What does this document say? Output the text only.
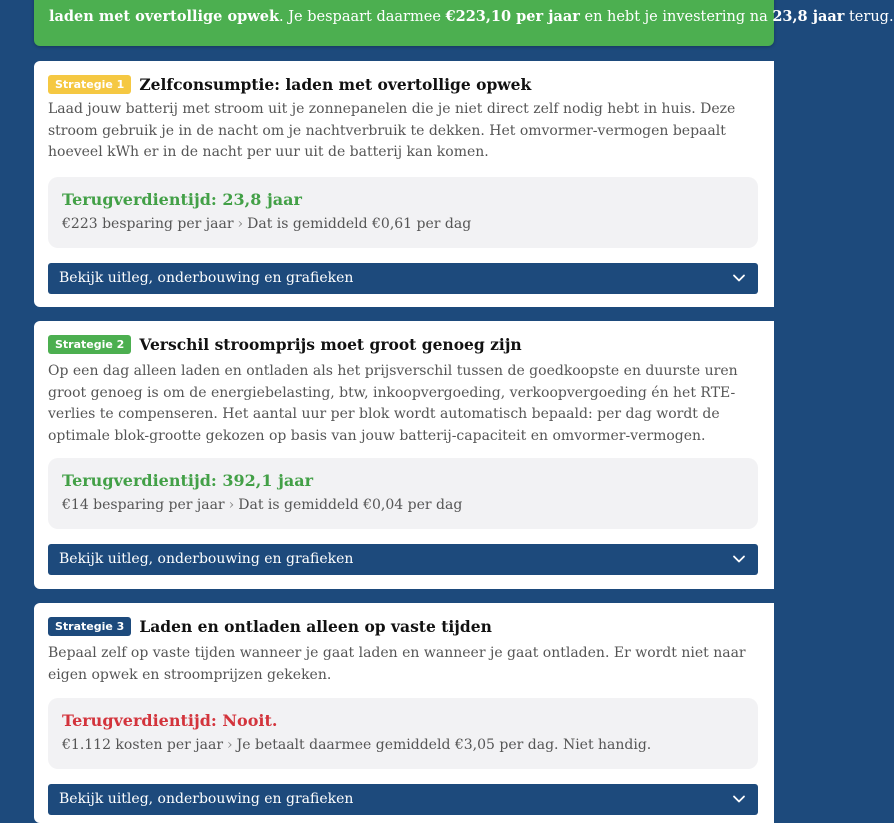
laden met overtollige opwek. Je bespaart daarmee €223,10 per jaar en hebt je investering na 23,8 jaar terug.
Strategie 1 Zelfconsumptie: laden met overtollige opwek
Laad jouw batterij met stroom uit je zonnepanelen die je niet direct zelf nodig hebt in huis. Deze stroom gebruik je in de nacht om je nachtverbruik te dekken. Het omvormer-vermogen bepaalt hoeveel kWh er in de nacht per uur uit de batterij kan komen.
Terugverdientijd: 23,8 jaar
€223 besparing per jaar › Dat is gemiddeld €0,61 per dag
Bekijk uitleg, onderbouwing en grafieken
Strategie 2 Verschil stroomprijs moet groot genoeg zijn
Op een dag alleen laden en ontladen als het prijsverschil tussen de goedkoopste en duurste uren groot genoeg is om de energiebelasting, btw, inkoopvergoeding, verkoopvergoeding én het RTE-verlies te compenseren. Het aantal uur per blok wordt automatisch bepaald: per dag wordt de optimale blok-grootte gekozen op basis van jouw batterij-capaciteit en omvormer-vermogen.
Terugverdientijd: 392,1 jaar
€14 besparing per jaar › Dat is gemiddeld €0,04 per dag
Bekijk uitleg, onderbouwing en grafieken
Strategie 3 Laden en ontladen alleen op vaste tijden
Bepaal zelf op vaste tijden wanneer je gaat laden en wanneer je gaat ontladen. Er wordt niet naar eigen opwek en stroomprijzen gekeken.
Terugverdientijd: Nooit.
€1.112 kosten per jaar › Je betaalt daarmee gemiddeld €3,05 per dag. Niet handig.
Bekijk uitleg, onderbouwing en grafieken
